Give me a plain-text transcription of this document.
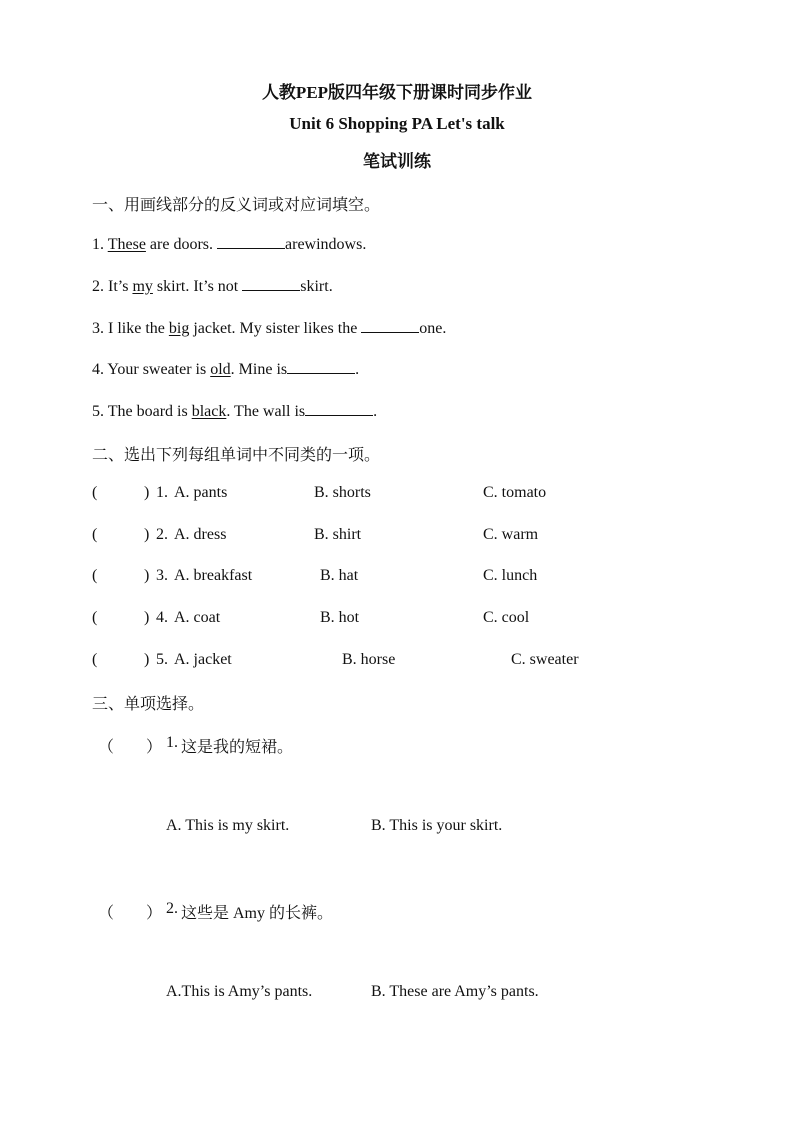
人教PEP版四年级下册课时同步作业
Unit 6 Shopping PA Let's talk
笔试训练
一、用画线部分的反义词或对应词填空。
1. These are doors.	arewindows.
2. It’s my skirt. It’s not	skirt.
3. I like the big jacket. My sister likes the	one.
4. Your sweater is old. Mine is	.
5. The board is black. The wall is	.
二、选出下列每组单词中不同类的一项。
(	) 1. A. pants	B. shorts	C. tomato
(	) 2. A. dress	B. shirt	C. warm
(	) 3. A. breakfast	B. hat	C. lunch
(	) 4. A. coat	B. hot	C. cool
(	) 5. A. jacket	B. horse	C. sweater
三、单项选择。
（ ） 1. 这是我的短裙。
A. This is my skirt.	B. This is your skirt.
（ ） 2. 这些是 Amy 的长裤。
A.This is Amy’s pants.	B. These are Amy’s pants.
